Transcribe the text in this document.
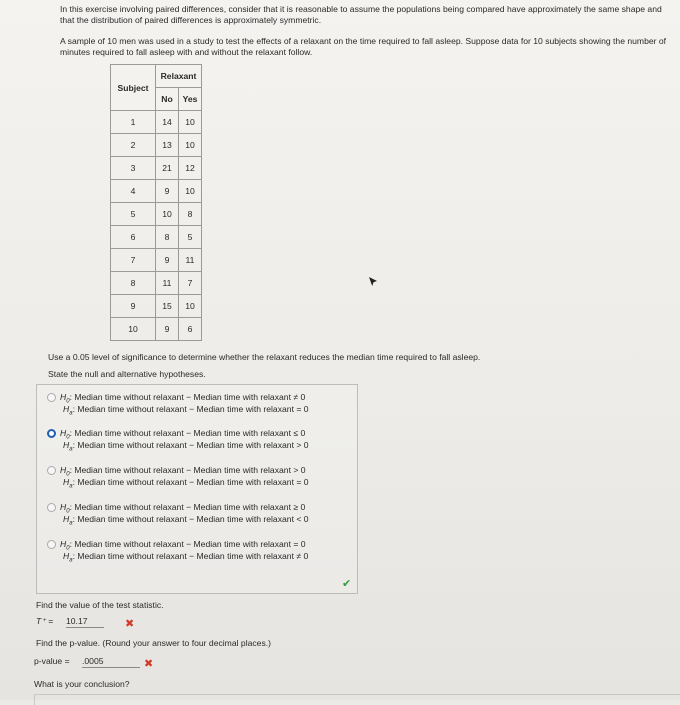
In this exercise involving paired differences, consider that it is reasonable to assume the populations being compared have approximately the same shape and that the distribution of paired differences is approximately symmetric.
A sample of 10 men was used in a study to test the effects of a relaxant on the time required to fall asleep. Suppose data for 10 subjects showing the number of minutes required to fall asleep with and without the relaxant follow.
Subject	Relaxant	
	No	Yes
1	14	10
2	13	10
3	21	12
4	9	10
5	10	8
6	8	5
7	9	11
8	11	7
9	15	10
10	9	6
Use a 0.05 level of significance to determine whether the relaxant reduces the median time required to fall asleep.
State the null and alternative hypotheses.
$H_0$: Median time without relaxant − Median time with relaxant ≠ 0
$H_a$: Median time without relaxant − Median time with relaxant = 0
$H_0$: Median time without relaxant − Median time with relaxant ≤ 0
$H_a$: Median time without relaxant − Median time with relaxant > 0
$H_0$: Median time without relaxant − Median time with relaxant > 0
$H_a$: Median time without relaxant − Median time with relaxant = 0
$H_0$: Median time without relaxant − Median time with relaxant ≥ 0
$H_a$: Median time without relaxant − Median time with relaxant < 0
$H_0$: Median time without relaxant − Median time with relaxant = 0
$H_a$: Median time without relaxant − Median time with relaxant ≠ 0
✔
Find the value of the test statistic.
T⁺ = 10.17	✖
Find the p-value. (Round your answer to four decimal places.)
p-value = .0005	✖
What is your conclusion?
